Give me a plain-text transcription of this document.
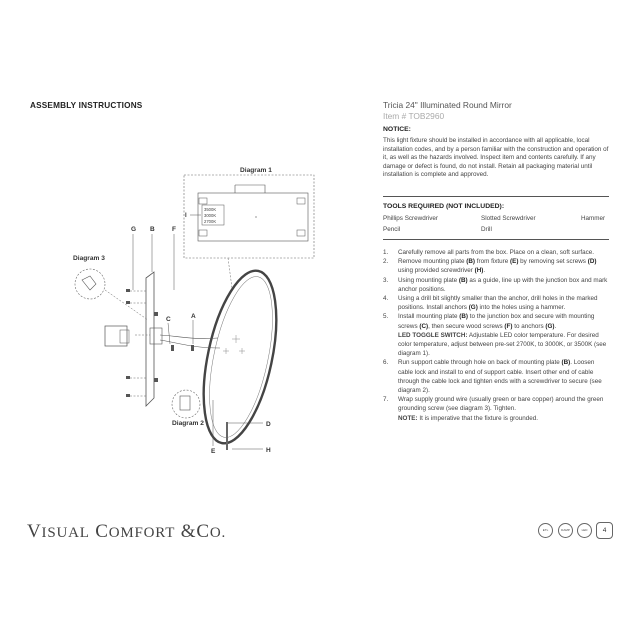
ASSEMBLY INSTRUCTIONS	Tricia 24" Illuminated Round Mirror
Item # TOB2960
NOTICE:
This light fixture should be installed in accordance with all applicable, local installation codes, and by a person familiar with the construction and operation of it, as well as the hazards involved. Inspect item and contents carefully. If any damage or defect is found, do not install. Retain all packaging material until installation is complete and approved.
TOOLS REQUIRED (NOT INCLUDED):
Phillips Screwdriver	Slotted Screwdriver	Hammer
Pencil	Drill
1. Carefully remove all parts from the box. Place on a clean, soft surface.
2. Remove mounting plate (B) from fixture (E) by removing set screws (D) using provided screwdriver (H).
3. Using mounting plate (B) as a guide, line up with the junction box and mark anchor positions.
4. Using a drill bit slightly smaller than the anchor, drill holes in the marked positions. Install anchors (G) into the holes using a hammer.
5. Install mounting plate (B) to the junction box and secure with mounting screws (C), then secure wood screws (F) to anchors (G).
LED TOGGLE SWITCH: Adjustable LED color temperature. For desired color temperature, adjust between pre-set 2700K, to 3000K, or 3500K (see diagram 1).
6. Run support cable through hole on back of mounting plate (B). Loosen cable lock and install to end of support cable. Insert other end of cable through the cable lock and tighten ends with a screwdriver to secure (see diagram 2).
7. Wrap supply ground wire (usually green or bare copper) around the green grounding screw (see diagram 3). Tighten.
NOTE: It is imperative that the fixture is grounded.
Diagram 1
3500K
3000K
2700K
I
G B	F
C	A
D
E	H
Diagram 3
Diagram 2
VISUAL COMFORT &CO.	ETL	DAMP	LED	4
